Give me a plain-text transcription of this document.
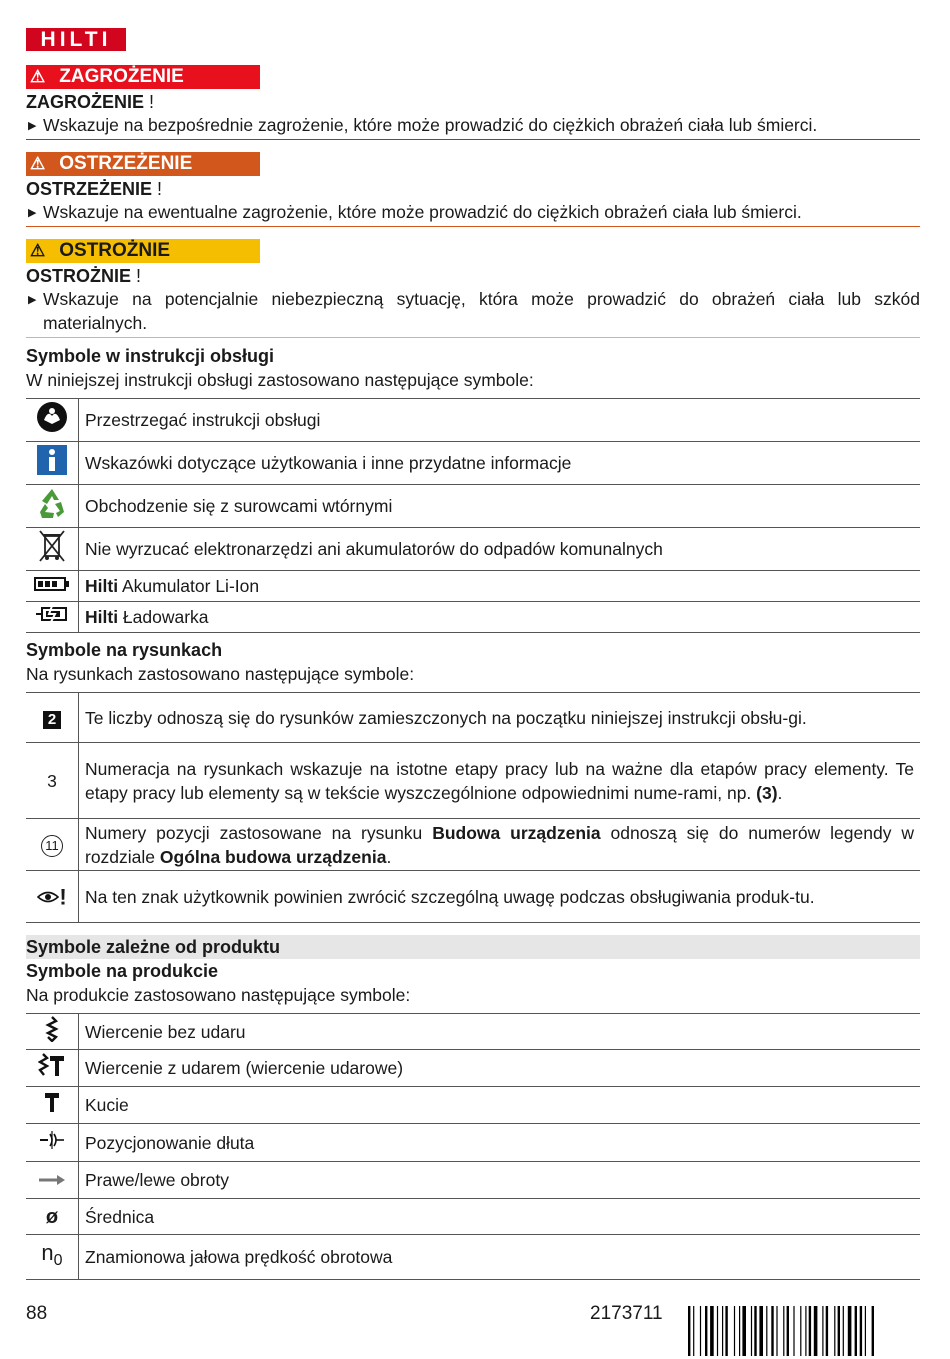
HILTI
⚠ ZAGROŻENIE
ZAGROŻENIE !
▶ Wskazuje na bezpośrednie zagrożenie, które może prowadzić do ciężkich obrażeń ciała lub śmierci.
⚠ OSTRZEŻENIE
OSTRZEŻENIE !
▶ Wskazuje na ewentualne zagrożenie, które może prowadzić do ciężkich obrażeń ciała lub śmierci.
⚠ OSTROŻNIE
OSTROŻNIE !
▶ Wskazuje na potencjalnie niebezpieczną sytuację, która może prowadzić do obrażeń ciała lub szkód materialnych.
Symbole w instrukcji obsługi
W niniejszej instrukcji obsługi zastosowano następujące symbole:
	Przestrzegać instrukcji obsługi
	Wskazówki dotyczące użytkowania i inne przydatne informacje
	Obchodzenie się z surowcami wtórnymi
	Nie wyrzucać elektronarzędzi ani akumulatorów do odpadów komunalnych
	Hilti Akumulator Li-Ion
	Hilti Ładowarka
Symbole na rysunkach
Na rysunkach zastosowano następujące symbole:
2	Te liczby odnoszą się do rysunków zamieszczonych na początku niniejszej instrukcji obsłu-gi.
3	Numeracja na rysunkach wskazuje na istotne etapy pracy lub na ważne dla etapów pracy elementy. Te etapy pracy lub elementy są w tekście wyszczególnione odpowiednimi nume-rami, np. (3).
11	Numery pozycji zastosowane na rysunku Budowa urządzenia odnoszą się do numerów legendy w rozdziale Ogólna budowa urządzenia.
!	Na ten znak użytkownik powinien zwrócić szczególną uwagę podczas obsługiwania produk-tu.
Symbole zależne od produktu
Symbole na produkcie
Na produkcie zastosowano następujące symbole:
	Wiercenie bez udaru
	Wiercenie z udarem (wiercenie udarowe)
	Kucie
	Pozycjonowanie dłuta
	Prawe/lewe obroty
ø	Średnica
n0	Znamionowa jałowa prędkość obrotowa
88	2173711
